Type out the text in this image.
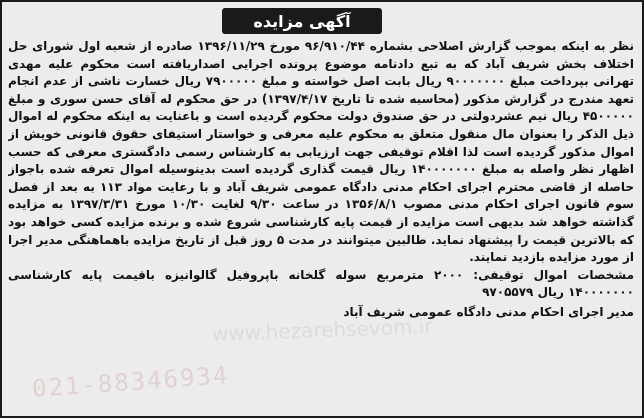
آگهی مزایده

نظر به اینکه بموجب گزارش اصلاحی بشماره ۹۶/۹۱۰/۴۴ مورخ ۱۳۹۶/۱۱/۲۹ صادره از شعبه اول شورای حل اختلاف بخش شریف آباد که به تبع دادنامه موضوع پرونده اجرایی اصداریافته است محکوم علیه مهدی تهرانی بپرداخت مبلغ ۹۰۰۰۰۰۰۰ ریال بابت اصل خواسته و مبلغ ۷۹۰۰۰۰۰ ریال خسارت ناشی از عدم انجام تعهد مندرج در گزارش مذکور (محاسبه شده تا تاریخ ۱۳۹۷/۴/۱۷) در حق محکوم له آقای حسن سوری و مبلغ ۴۵۰۰۰۰۰ ریال نیم عشردولتی در حق صندوق دولت محکوم گردیده است و باعنایت به اینکه محکوم له اموال ذیل الذکر را بعنوان مال منقول متعلق به محکوم علیه معرفی و خواستار استیفای حقوق قانونی خویش از اموال مذکور گردیده است لذا اقلام توقیفی جهت ارزیابی به کارشناس رسمی دادگستری معرفی که حسب اظهار نظر واصله به مبلغ ۱۴۰۰۰۰۰۰۰ ریال قیمت گذاری گردیده است بدینوسیله اموال تعرفه شده باجواز حاصله از قاضی محترم اجرای احکام مدنی دادگاه عمومی شریف آباد و با رعایت مواد ۱۱۳ به بعد از فصل سوم قانون اجرای احکام مدنی مصوب ۱۳۵۶/۸/۱ در ساعت ۹/۳۰ لغایت ۱۰/۳۰ مورخ ۱۳۹۷/۳/۳۱ به مزایده گذاشته خواهد شد بدیهی است مزایده از قیمت پایه کارشناسی شروع شده و برنده مزایده کسی خواهد بود که بالاترین قیمت را پیشنهاد نماید. طالبین میتوانند در مدت ۵ روز قبل از تاریخ مزایده باهماهنگی مدیر اجرا از مورد مزایده بازدید نمایند.

مشخصات اموال توقیفی: ۲۰۰۰ مترمربع سوله گلخانه باپروفیل گالوانیزه باقیمت پایه کارشناسی ۱۴۰۰۰۰۰۰۰ ریال ۹۷۰۵۵۷۹

مدیر اجرای احکام مدنی دادگاه عمومی شریف آباد
www.hezarehsevom.ir
021-88346934
